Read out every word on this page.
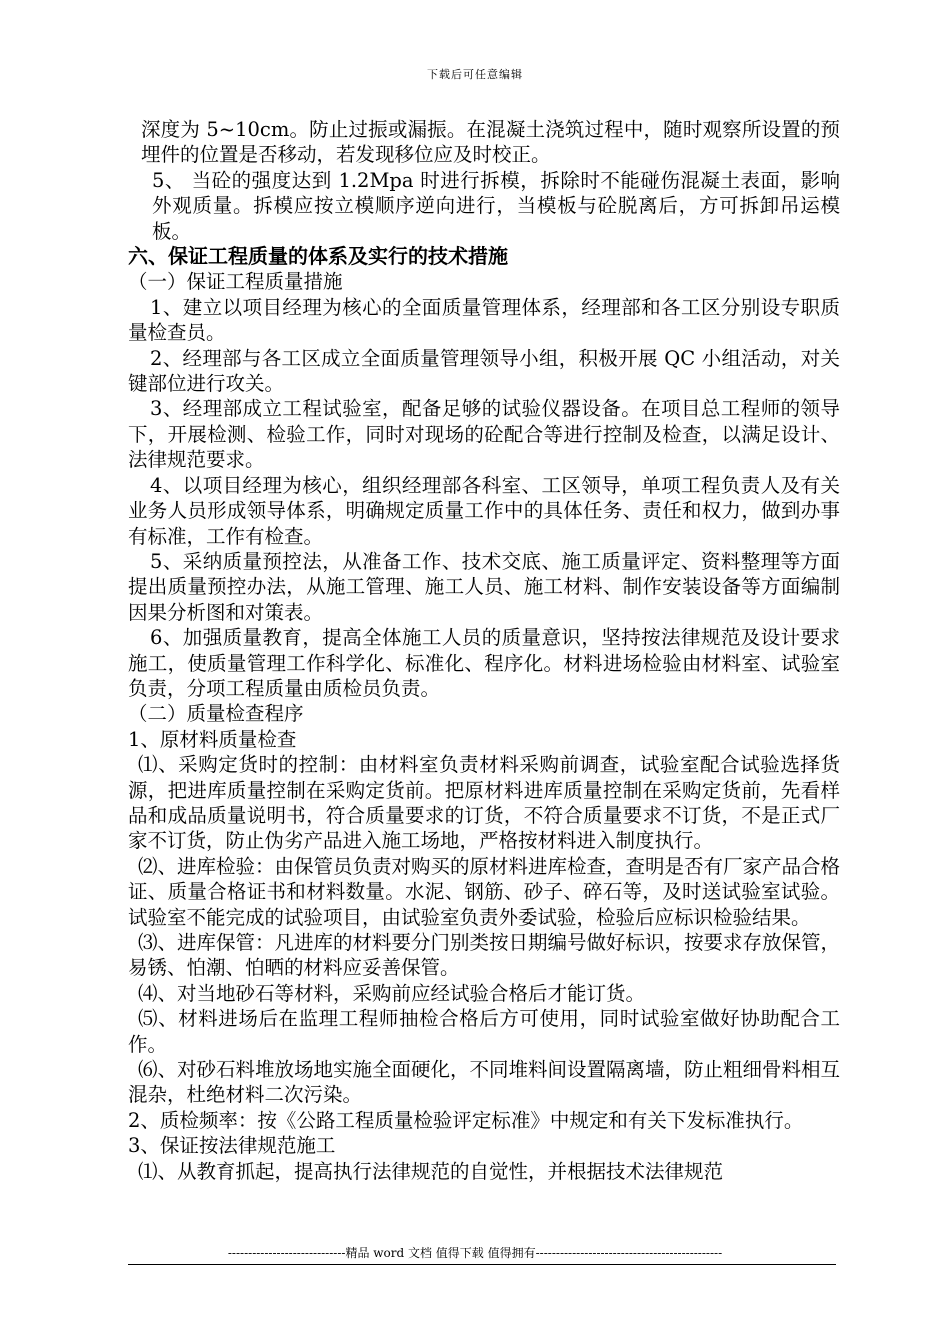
下载后可任意编辑

深度为 5~10cm。防止过振或漏振。在混凝土浇筑过程中，随时观察所设置的预埋件的位置是否移动，若发现移位应及时校正。

5、 当砼的强度达到 1.2Mpa 时进行拆模，拆除时不能碰伤混凝土表面，影响外观质量。拆模应按立模顺序逆向进行，当模板与砼脱离后，方可拆卸吊运模板。

六、保证工程质量的体系及实行的技术措施

（一）保证工程质量措施

1、建立以项目经理为核心的全面质量管理体系，经理部和各工区分别设专职质量检查员。

2、经理部与各工区成立全面质量管理领导小组，积极开展 QC 小组活动，对关键部位进行攻关。

3、经理部成立工程试验室，配备足够的试验仪器设备。在项目总工程师的领导下，开展检测、检验工作，同时对现场的砼配合等进行控制及检查，以满足设计、法律规范要求。

4、以项目经理为核心，组织经理部各科室、工区领导，单项工程负责人及有关业务人员形成领导体系，明确规定质量工作中的具体任务、责任和权力，做到办事有标准，工作有检查。

5、采纳质量预控法，从准备工作、技术交底、施工质量评定、资料整理等方面提出质量预控办法，从施工管理、施工人员、施工材料、制作安装设备等方面编制因果分析图和对策表。

6、加强质量教育，提高全体施工人员的质量意识，坚持按法律规范及设计要求施工，使质量管理工作科学化、标准化、程序化。材料进场检验由材料室、试验室负责，分项工程质量由质检员负责。

（二）质量检查程序

1、原材料质量检查

⑴、采购定货时的控制：由材料室负责材料采购前调查，试验室配合试验选择货源，把进库质量控制在采购定货前。把原材料进库质量控制在采购定货前，先看样品和成品质量说明书，符合质量要求的订货，不符合质量要求不订货，不是正式厂家不订货，防止伪劣产品进入施工场地，严格按材料进入制度执行。

⑵、进库检验：由保管员负责对购买的原材料进库检查，查明是否有厂家产品合格证、质量合格证书和材料数量。水泥、钢筋、砂子、碎石等，及时送试验室试验。试验室不能完成的试验项目，由试验室负责外委试验，检验后应标识检验结果。

⑶、进库保管：凡进库的材料要分门别类按日期编号做好标识，按要求存放保管，易锈、怕潮、怕晒的材料应妥善保管。

⑷、对当地砂石等材料，采购前应经试验合格后才能订货。

⑸、材料进场后在监理工程师抽检合格后方可使用，同时试验室做好协助配合工作。

⑹、对砂石料堆放场地实施全面硬化，不同堆料间设置隔离墙，防止粗细骨料相互混杂，杜绝材料二次污染。

2、质检频率：按《公路工程质量检验评定标准》中规定和有关下发标准执行。

3、保证按法律规范施工

⑴、从教育抓起，提高执行法律规范的自觉性，并根据技术法律规范

-----------------------------精品 word 文档 值得下载 值得拥有----------------------------------------------
